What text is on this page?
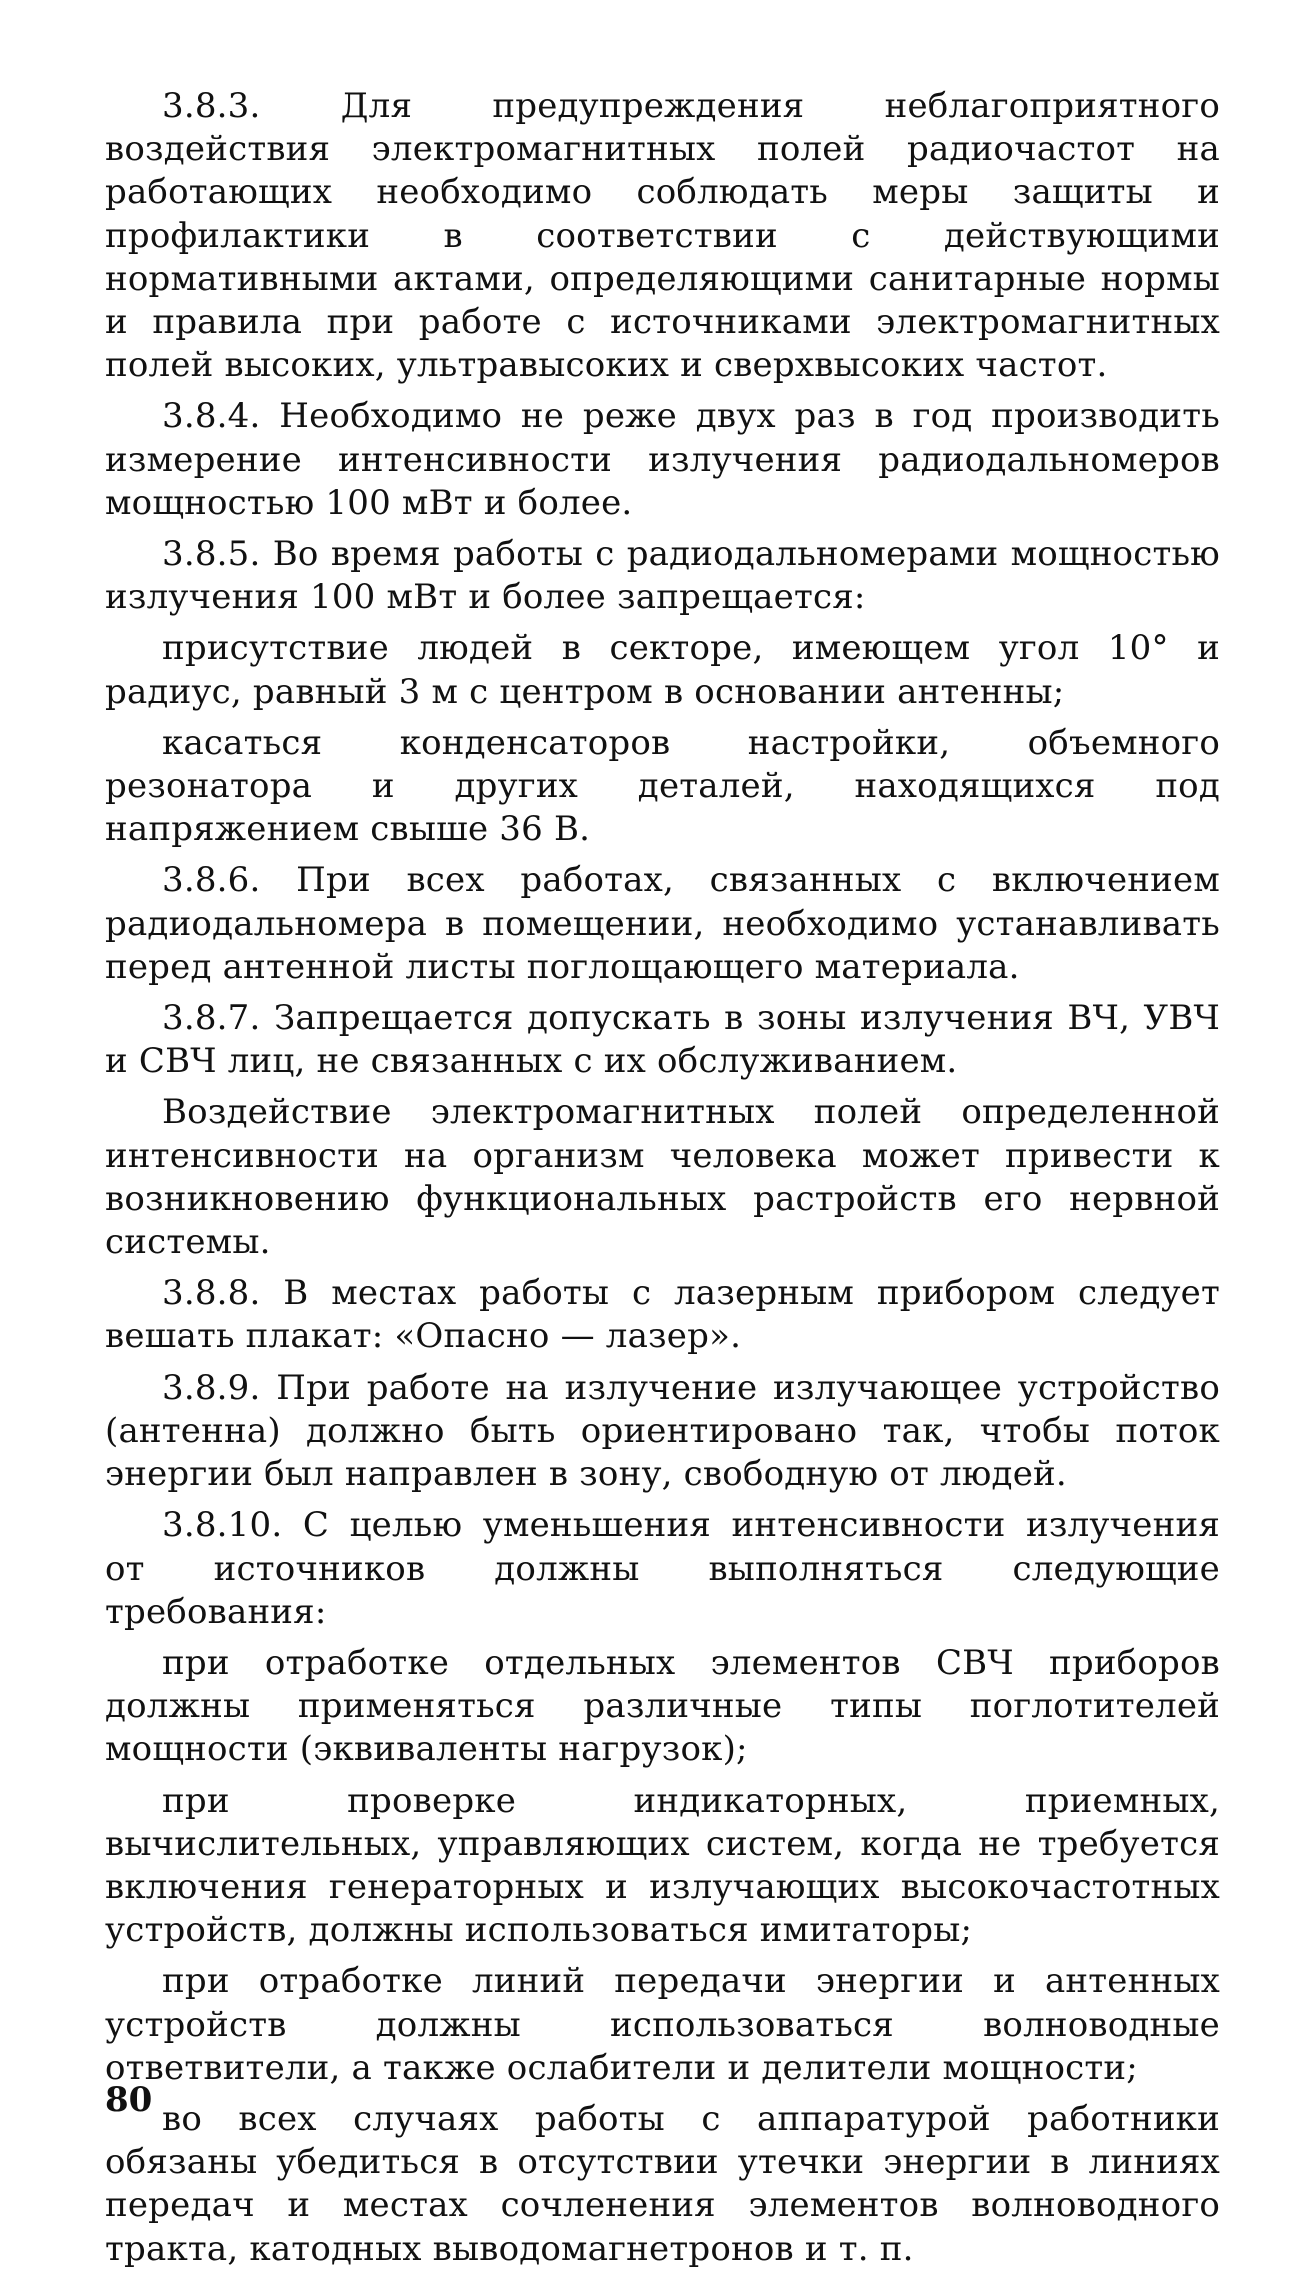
3.8.3. Для предупреждения неблагоприятного воздействия электромагнитных полей радиочастот на работающих необходимо соблюдать меры защиты и профилактики в соответствии с действующими нормативными актами, определяющими санитарные нормы и правила при работе с источниками электромагнитных полей высоких, ультравысоких и сверхвысоких частот.

3.8.4. Необходимо не реже двух раз в год производить измерение интенсивности излучения радиодальномеров мощностью 100 мВт и более.

3.8.5. Во время работы с радиодальномерами мощностью излучения 100 мВт и более запрещается:

присутствие людей в секторе, имеющем угол 10° и радиус, равный 3 м с центром в основании антенны;

касаться конденсаторов настройки, объемного резонатора и других деталей, находящихся под напряжением свыше 36 В.

3.8.6. При всех работах, связанных с включением радиодальномера в помещении, необходимо устанавливать перед антенной листы поглощающего материала.

3.8.7. Запрещается допускать в зоны излучения ВЧ, УВЧ и СВЧ лиц, не связанных с их обслуживанием.

Воздействие электромагнитных полей определенной интенсивности на организм человека может привести к возникновению функциональных растройств его нервной системы.

3.8.8. В местах работы с лазерным прибором следует вешать плакат: «Опасно — лазер».

3.8.9. При работе на излучение излучающее устройство (антенна) должно быть ориентировано так, чтобы поток энергии был направлен в зону, свободную от людей.

3.8.10. С целью уменьшения интенсивности излучения от источников должны выполняться следующие требования:

при отработке отдельных элементов СВЧ приборов должны применяться различные типы поглотителей мощности (эквиваленты нагрузок);

при проверке индикаторных, приемных, вычислительных, управляющих систем, когда не требуется включения генераторных и излучающих высокочастотных устройств, должны использоваться имитаторы;

при отработке линий передачи энергии и антенных устройств должны использоваться волноводные ответвители, а также ослабители и делители мощности;

во всех случаях работы с аппаратурой работники обязаны убедиться в отсутствии утечки энергии в линиях передач и местах сочленения элементов волноводного тракта, катодных выводомагнетронов и т. п.

80
